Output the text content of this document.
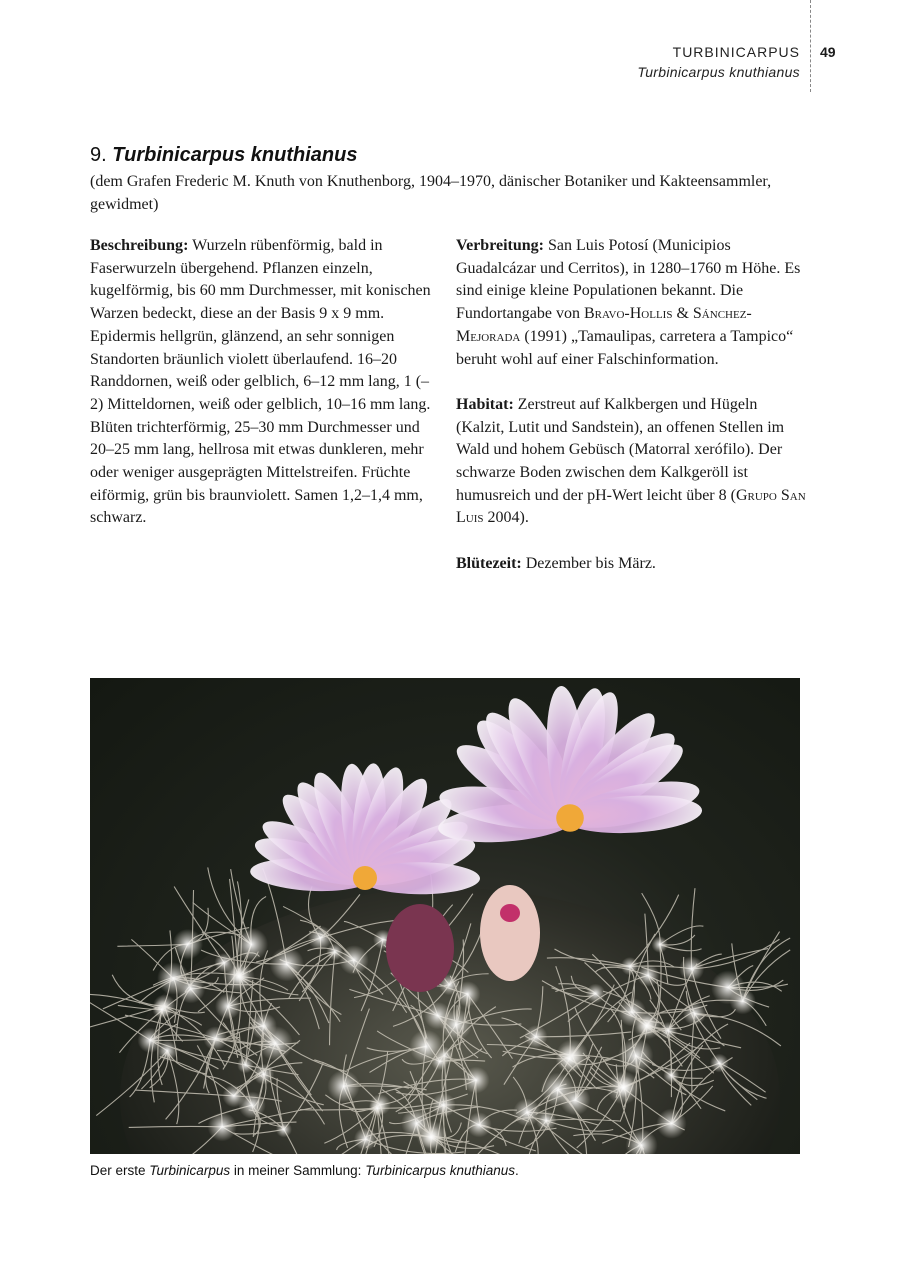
TURBINICARPUS
Turbinicarpus knuthianus
49
9. Turbinicarpus knuthianus
(dem Grafen Frederic M. Knuth von Knuthenborg, 1904–1970, dänischer Botaniker und Kakteensammler, gewidmet)

Beschreibung: Wurzeln rübenförmig, bald in Faserwurzeln übergehend. Pflanzen einzeln, kugelförmig, bis 60 mm Durchmesser, mit konischen Warzen bedeckt, diese an der Basis 9 x 9 mm. Epidermis hellgrün, glänzend, an sehr sonnigen Standorten bräunlich violett überlaufend. 16–20 Randdornen, weiß oder gelblich, 6–12 mm lang, 1 (–2) Mitteldornen, weiß oder gelblich, 10–16 mm lang. Blüten trichterförmig, 25–30 mm Durchmesser und 20–25 mm lang, hellrosa mit etwas dunkleren, mehr oder weniger ausgeprägten Mittelstreifen. Früchte eiförmig, grün bis braunviolett. Samen 1,2–1,4 mm, schwarz.

Verbreitung: San Luis Potosí (Municipios Guadalcázar und Cerritos), in 1280–1760 m Höhe. Es sind einige kleine Populationen bekannt. Die Fundortangabe von Bravo-Hollis & Sánchez-Mejorada (1991) „Tamaulipas, carretera a Tampico“ beruht wohl auf einer Falschinformation.

Habitat: Zerstreut auf Kalkbergen und Hügeln (Kalzit, Lutit und Sandstein), an offenen Stellen im Wald und hohem Gebüsch (Matorral xerófilo). Der schwarze Boden zwischen dem Kalkgeröll ist humusreich und der pH-Wert leicht über 8 (Grupo San Luis 2004).

Blütezeit: Dezember bis März.

Der erste Turbinicarpus in meiner Sammlung: Turbinicarpus knuthianus.
